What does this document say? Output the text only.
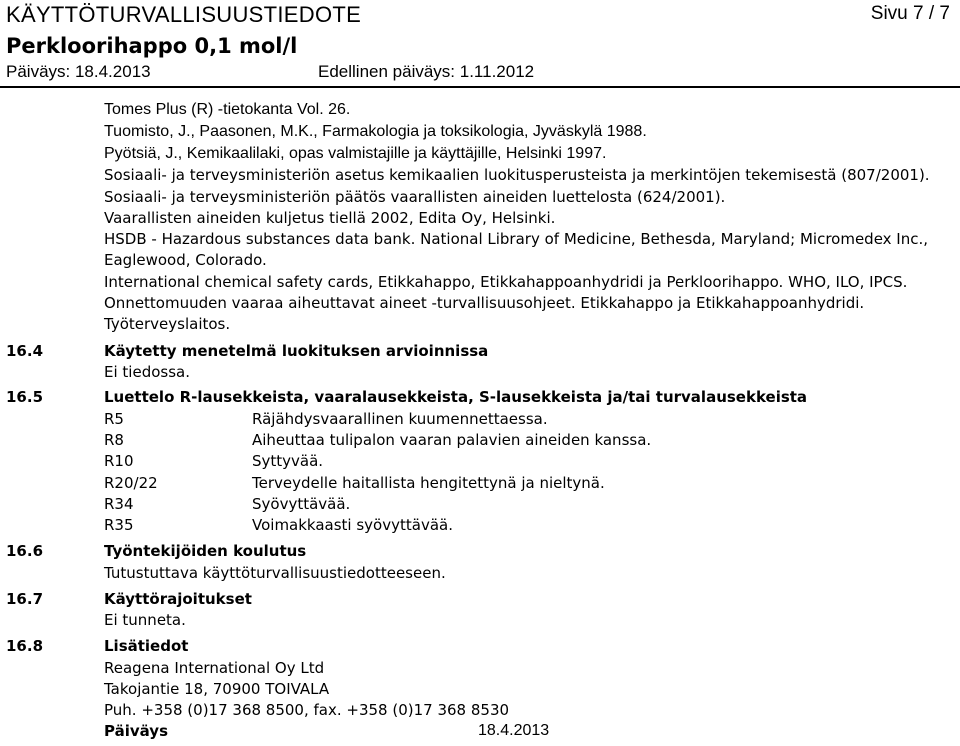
KÄYTTÖTURVALLISUUSTIEDOTE	Sivu 7 / 7
Perkloorihappo 0,1 mol/l
Päiväys: 18.4.2013	Edellinen päiväys: 1.11.2012
Tomes Plus (R) -tietokanta Vol. 26.
Tuomisto, J., Paasonen, M.K., Farmakologia ja toksikologia, Jyväskylä 1988.
Pyötsiä, J., Kemikaalilaki, opas valmistajille ja käyttäjille, Helsinki 1997.
Sosiaali- ja terveysministeriön asetus kemikaalien luokitusperusteista ja merkintöjen tekemisestä (807/2001).
Sosiaali- ja terveysministeriön päätös vaarallisten aineiden luettelosta (624/2001).
Vaarallisten aineiden kuljetus tiellä 2002, Edita Oy, Helsinki.
HSDB - Hazardous substances data bank. National Library of Medicine, Bethesda, Maryland; Micromedex Inc.,
Eaglewood, Colorado.
International chemical safety cards, Etikkahappo, Etikkahappoanhydridi ja Perkloorihappo. WHO, ILO, IPCS.
Onnettomuuden vaaraa aiheuttavat aineet -turvallisuusohjeet. Etikkahappo ja Etikkahappoanhydridi.
Työterveyslaitos.
16.4	Käytetty menetelmä luokituksen arvioinnissa
Ei tiedossa.
16.5	Luettelo R-lausekkeista, vaaralausekkeista, S-lausekkeista ja/tai turvalausekkeista
R5	Räjähdysvaarallinen kuumennettaessa.
R8	Aiheuttaa tulipalon vaaran palavien aineiden kanssa.
R10	Syttyvää.
R20/22	Terveydelle haitallista hengitettynä ja nieltynä.
R34	Syövyttävää.
R35	Voimakkaasti syövyttävää.
16.6	Työntekijöiden koulutus
Tutustuttava käyttöturvallisuustiedotteeseen.
16.7	Käyttörajoitukset
Ei tunneta.
16.8	Lisätiedot
Reagena International Oy Ltd
Takojantie 18, 70900 TOIVALA
Puh. +358 (0)17 368 8500, fax. +358 (0)17 368 8530
Päiväys	18.4.2013
